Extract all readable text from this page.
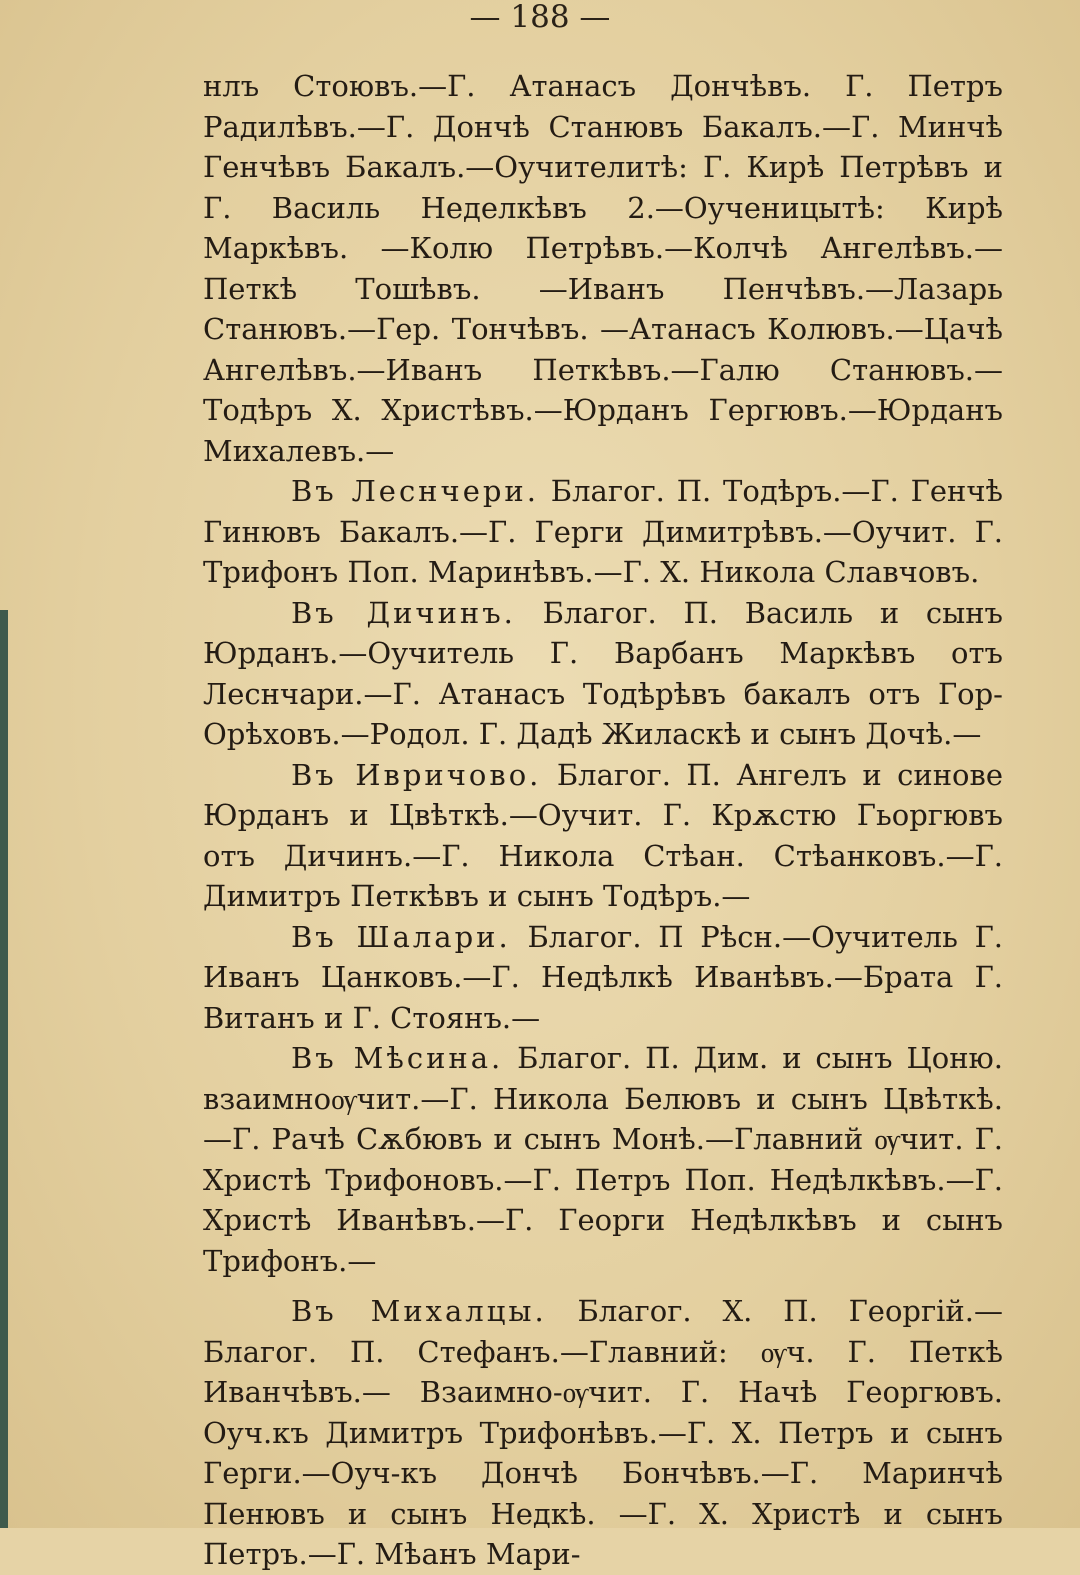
— 188 —

нлъ Стоювъ.—Г. Атанасъ Дончѣвъ. Г. Петръ Радилѣвъ.—Г. Дончѣ Станювъ Бакалъ.—Г. Минчѣ Генчѣвъ Бакалъ.—Оучителитѣ: Г. Кирѣ Петрѣвъ и Г. Василь Неделкѣвъ 2.—Оученицытѣ: Кирѣ Маркѣвъ. —Колю Петрѣвъ.—Колчѣ Ангелѣвъ.—Петкѣ Тошѣвъ. —Иванъ Пенчѣвъ.—Лазарь Станювъ.—Гер. Тончѣвъ. —Атанасъ Колювъ.—Цачѣ Ангелѣвъ.—Иванъ Петкѣвъ.—Галю Станювъ.—Тодѣръ Х. Христѣвъ.—Юрданъ Гергювъ.—Юрданъ Михалевъ.—

Въ Леснчери. Благог. П. Тодѣръ.—Г. Генчѣ Гинювъ Бакалъ.—Г. Герги Димитрѣвъ.—Оучит. Г. Трифонъ Поп. Маринѣвъ.—Г. Х. Никола Славчовъ.

Въ Дичинъ. Благог. П. Василь и сынъ Юрданъ.—Оучитель Г. Варбанъ Маркѣвъ отъ Леснчари.—Г. Атанасъ Тодѣрѣвъ бакалъ отъ Гор-Орѣховъ.—Родол. Г. Дадѣ Жиласкѣ и сынъ Дочѣ.—

Въ Ивричово. Благог. П. Ангелъ и синове Юрданъ и Цвѣткѣ.—Оучит. Г. Крѫстю Гьоргювъ отъ Дичинъ.—Г. Никола Стѣан. Стѣанковъ.—Г. Димитръ Петкѣвъ и сынъ Тодѣръ.—

Въ Шалари. Благог. П Рѣсн.—Оучитель Г. Иванъ Цанковъ.—Г. Недѣлкѣ Иванѣвъ.—Брата Г. Витанъ и Г. Стоянъ.—

Въ Мѣсина. Благог. П. Дим. и сынъ Цоню. взаимноѹчит.—Г. Никола Белювъ и сынъ Цвѣткѣ. —Г. Рачѣ Сѫбювъ и сынъ Монѣ.—Главний ѹчит. Г. Христѣ Трифоновъ.—Г. Петръ Поп. Недѣлкѣвъ.—Г. Христѣ Иванѣвъ.—Г. Георги Недѣлкѣвъ и сынъ Трифонъ.—

Въ Михалцы. Благог. Х. П. Георгій.—Благог. П. Стефанъ.—Главний: ѹч. Г. Петкѣ Иванчѣвъ.— Взаимно-ѹчит. Г. Начѣ Георгювъ. Оуч.къ Димитръ Трифонѣвъ.—Г. Х. Петръ и сынъ Герги.—Оуч-къ Дончѣ Бончѣвъ.—Г. Маринчѣ Пенювъ и сынъ Недкѣ. —Г. Х. Христѣ и сынъ Петръ.—Г. Мѣанъ Мари-
